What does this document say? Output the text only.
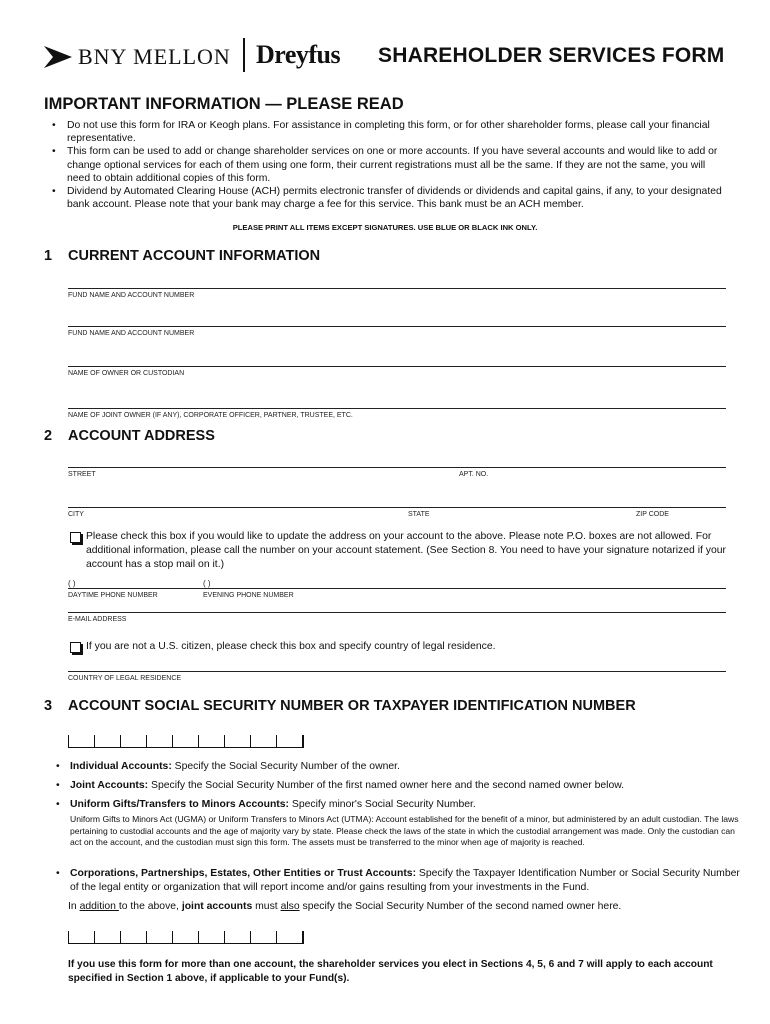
BNY MELLON Dreyfus SHAREHOLDER SERVICES FORM
IMPORTANT INFORMATION — PLEASE READ
• Do not use this form for IRA or Keogh plans. For assistance in completing this form, or for other shareholder forms, please call your financial representative.
• This form can be used to add or change shareholder services on one or more accounts. If you have several accounts and would like to add or change optional services for each of them using one form, their current registrations must all be the same. If they are not the same, you will need to obtain additional copies of this form.
• Dividend by Automated Clearing House (ACH) permits electronic transfer of dividends or dividends and capital gains, if any, to your designated bank account. Please note that your bank may charge a fee for this service. This bank must be an ACH member.
PLEASE PRINT ALL ITEMS EXCEPT SIGNATURES. USE BLUE OR BLACK INK ONLY.
1 CURRENT ACCOUNT INFORMATION
FUND NAME AND ACCOUNT NUMBER
FUND NAME AND ACCOUNT NUMBER
NAME OF OWNER OR CUSTODIAN
NAME OF JOINT OWNER (IF ANY), CORPORATE OFFICER, PARTNER, TRUSTEE, ETC.
2 ACCOUNT ADDRESS
STREET	APT. NO.
CITY	STATE	ZIP CODE
Please check this box if you would like to update the address on your account to the above. Please note P.O. boxes are not allowed. For additional information, please call the number on your account statement. (See Section 8. You need to have your signature notarized if your account has a stop mail on it.)
( )	( )
DAYTIME PHONE NUMBER	EVENING PHONE NUMBER
E-MAIL ADDRESS
If you are not a U.S. citizen, please check this box and specify country of legal residence.
COUNTRY OF LEGAL RESIDENCE
3 ACCOUNT SOCIAL SECURITY NUMBER OR TAXPAYER IDENTIFICATION NUMBER
• Individual Accounts: Specify the Social Security Number of the owner.
• Joint Accounts: Specify the Social Security Number of the first named owner here and the second named owner below.
• Uniform Gifts/Transfers to Minors Accounts: Specify minor's Social Security Number.
Uniform Gifts to Minors Act (UGMA) or Uniform Transfers to Minors Act (UTMA): Account established for the benefit of a minor, but administered by an adult custodian. The laws pertaining to custodial accounts and the age of majority vary by state. Please check the laws of the state in which the custodial arrangement was made. Only the custodian can act on the account, and the custodian must sign this form. The assets must be transferred to the minor when age of majority is reached.
• Corporations, Partnerships, Estates, Other Entities or Trust Accounts: Specify the Taxpayer Identification Number or Social Security Number of the legal entity or organization that will report income and/or gains resulting from your investments in the Fund.
In addition to the above, joint accounts must also specify the Social Security Number of the second named owner here.
If you use this form for more than one account, the shareholder services you elect in Sections 4, 5, 6 and 7 will apply to each account specified in Section 1 above, if applicable to your Fund(s).
